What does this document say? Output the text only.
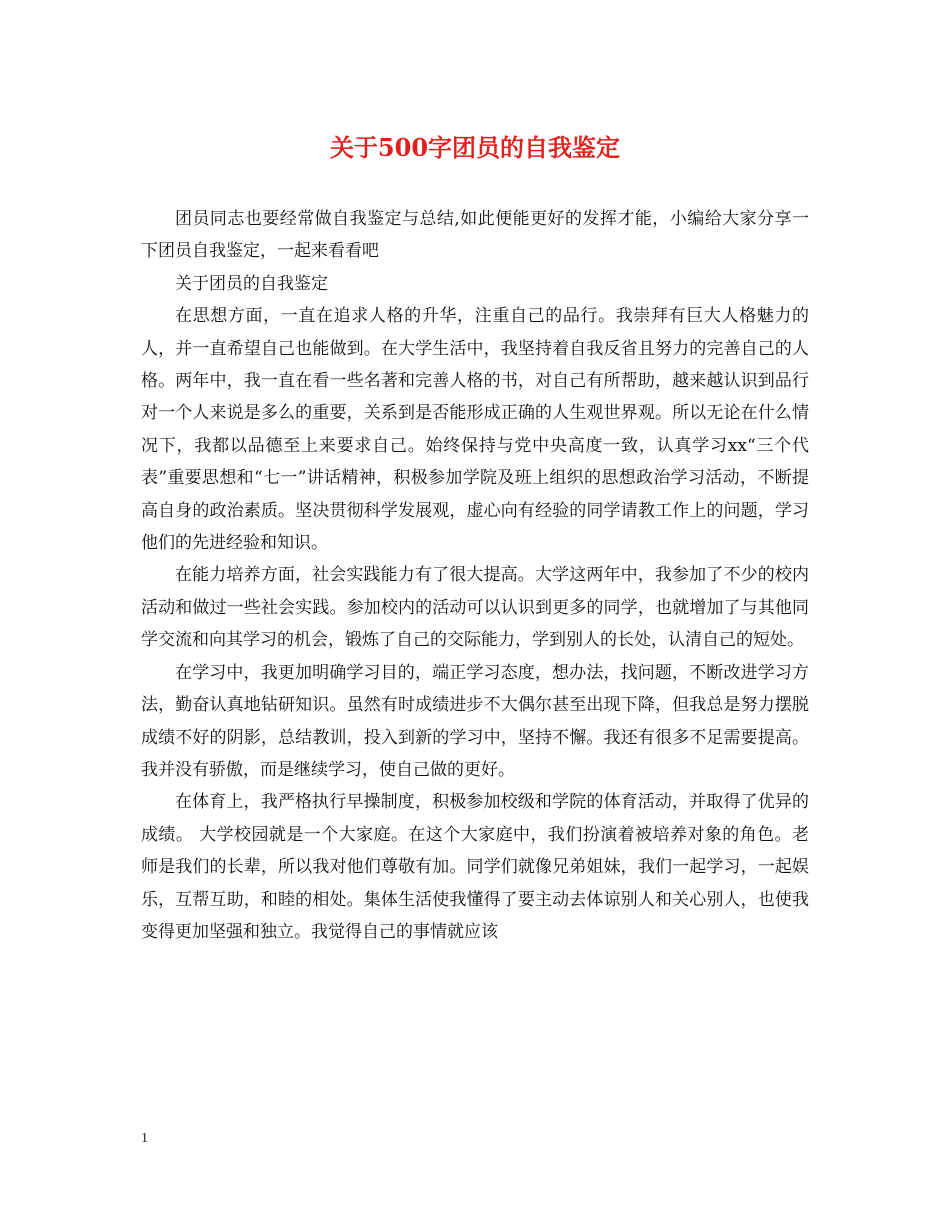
关于500字团员的自我鉴定

团员同志也要经常做自我鉴定与总结,如此便能更好的发挥才能，小编给大家分享一下团员自我鉴定，一起来看看吧

关于团员的自我鉴定

在思想方面，一直在追求人格的升华，注重自己的品行。我崇拜有巨大人格魅力的人，并一直希望自己也能做到。在大学生活中，我坚持着自我反省且努力的完善自己的人格。两年中，我一直在看一些名著和完善人格的书，对自己有所帮助，越来越认识到品行对一个人来说是多么的重要，关系到是否能形成正确的人生观世界观。所以无论在什么情况下，我都以品德至上来要求自己。始终保持与党中央高度一致，认真学习xx“三个代表”重要思想和“七一”讲话精神，积极参加学院及班上组织的思想政治学习活动，不断提高自身的政治素质。坚决贯彻科学发展观，虚心向有经验的同学请教工作上的问题，学习他们的先进经验和知识。

在能力培养方面，社会实践能力有了很大提高。大学这两年中，我参加了不少的校内活动和做过一些社会实践。参加校内的活动可以认识到更多的同学，也就增加了与其他同学交流和向其学习的机会，锻炼了自己的交际能力，学到别人的长处，认清自己的短处。

在学习中，我更加明确学习目的，端正学习态度，想办法，找问题，不断改进学习方法，勤奋认真地钻研知识。虽然有时成绩进步不大偶尔甚至出现下降，但我总是努力摆脱成绩不好的阴影，总结教训，投入到新的学习中，坚持不懈。我还有很多不足需要提高。我并没有骄傲，而是继续学习，使自己做的更好。

在体育上，我严格执行早操制度，积极参加校级和学院的体育活动，并取得了优异的成绩。 大学校园就是一个大家庭。在这个大家庭中，我们扮演着被培养对象的角色。老师是我们的长辈，所以我对他们尊敬有加。同学们就像兄弟姐妹，我们一起学习，一起娱乐，互帮互助，和睦的相处。集体生活使我懂得了要主动去体谅别人和关心别人，也使我变得更加坚强和独立。我觉得自己的事情就应该

1
